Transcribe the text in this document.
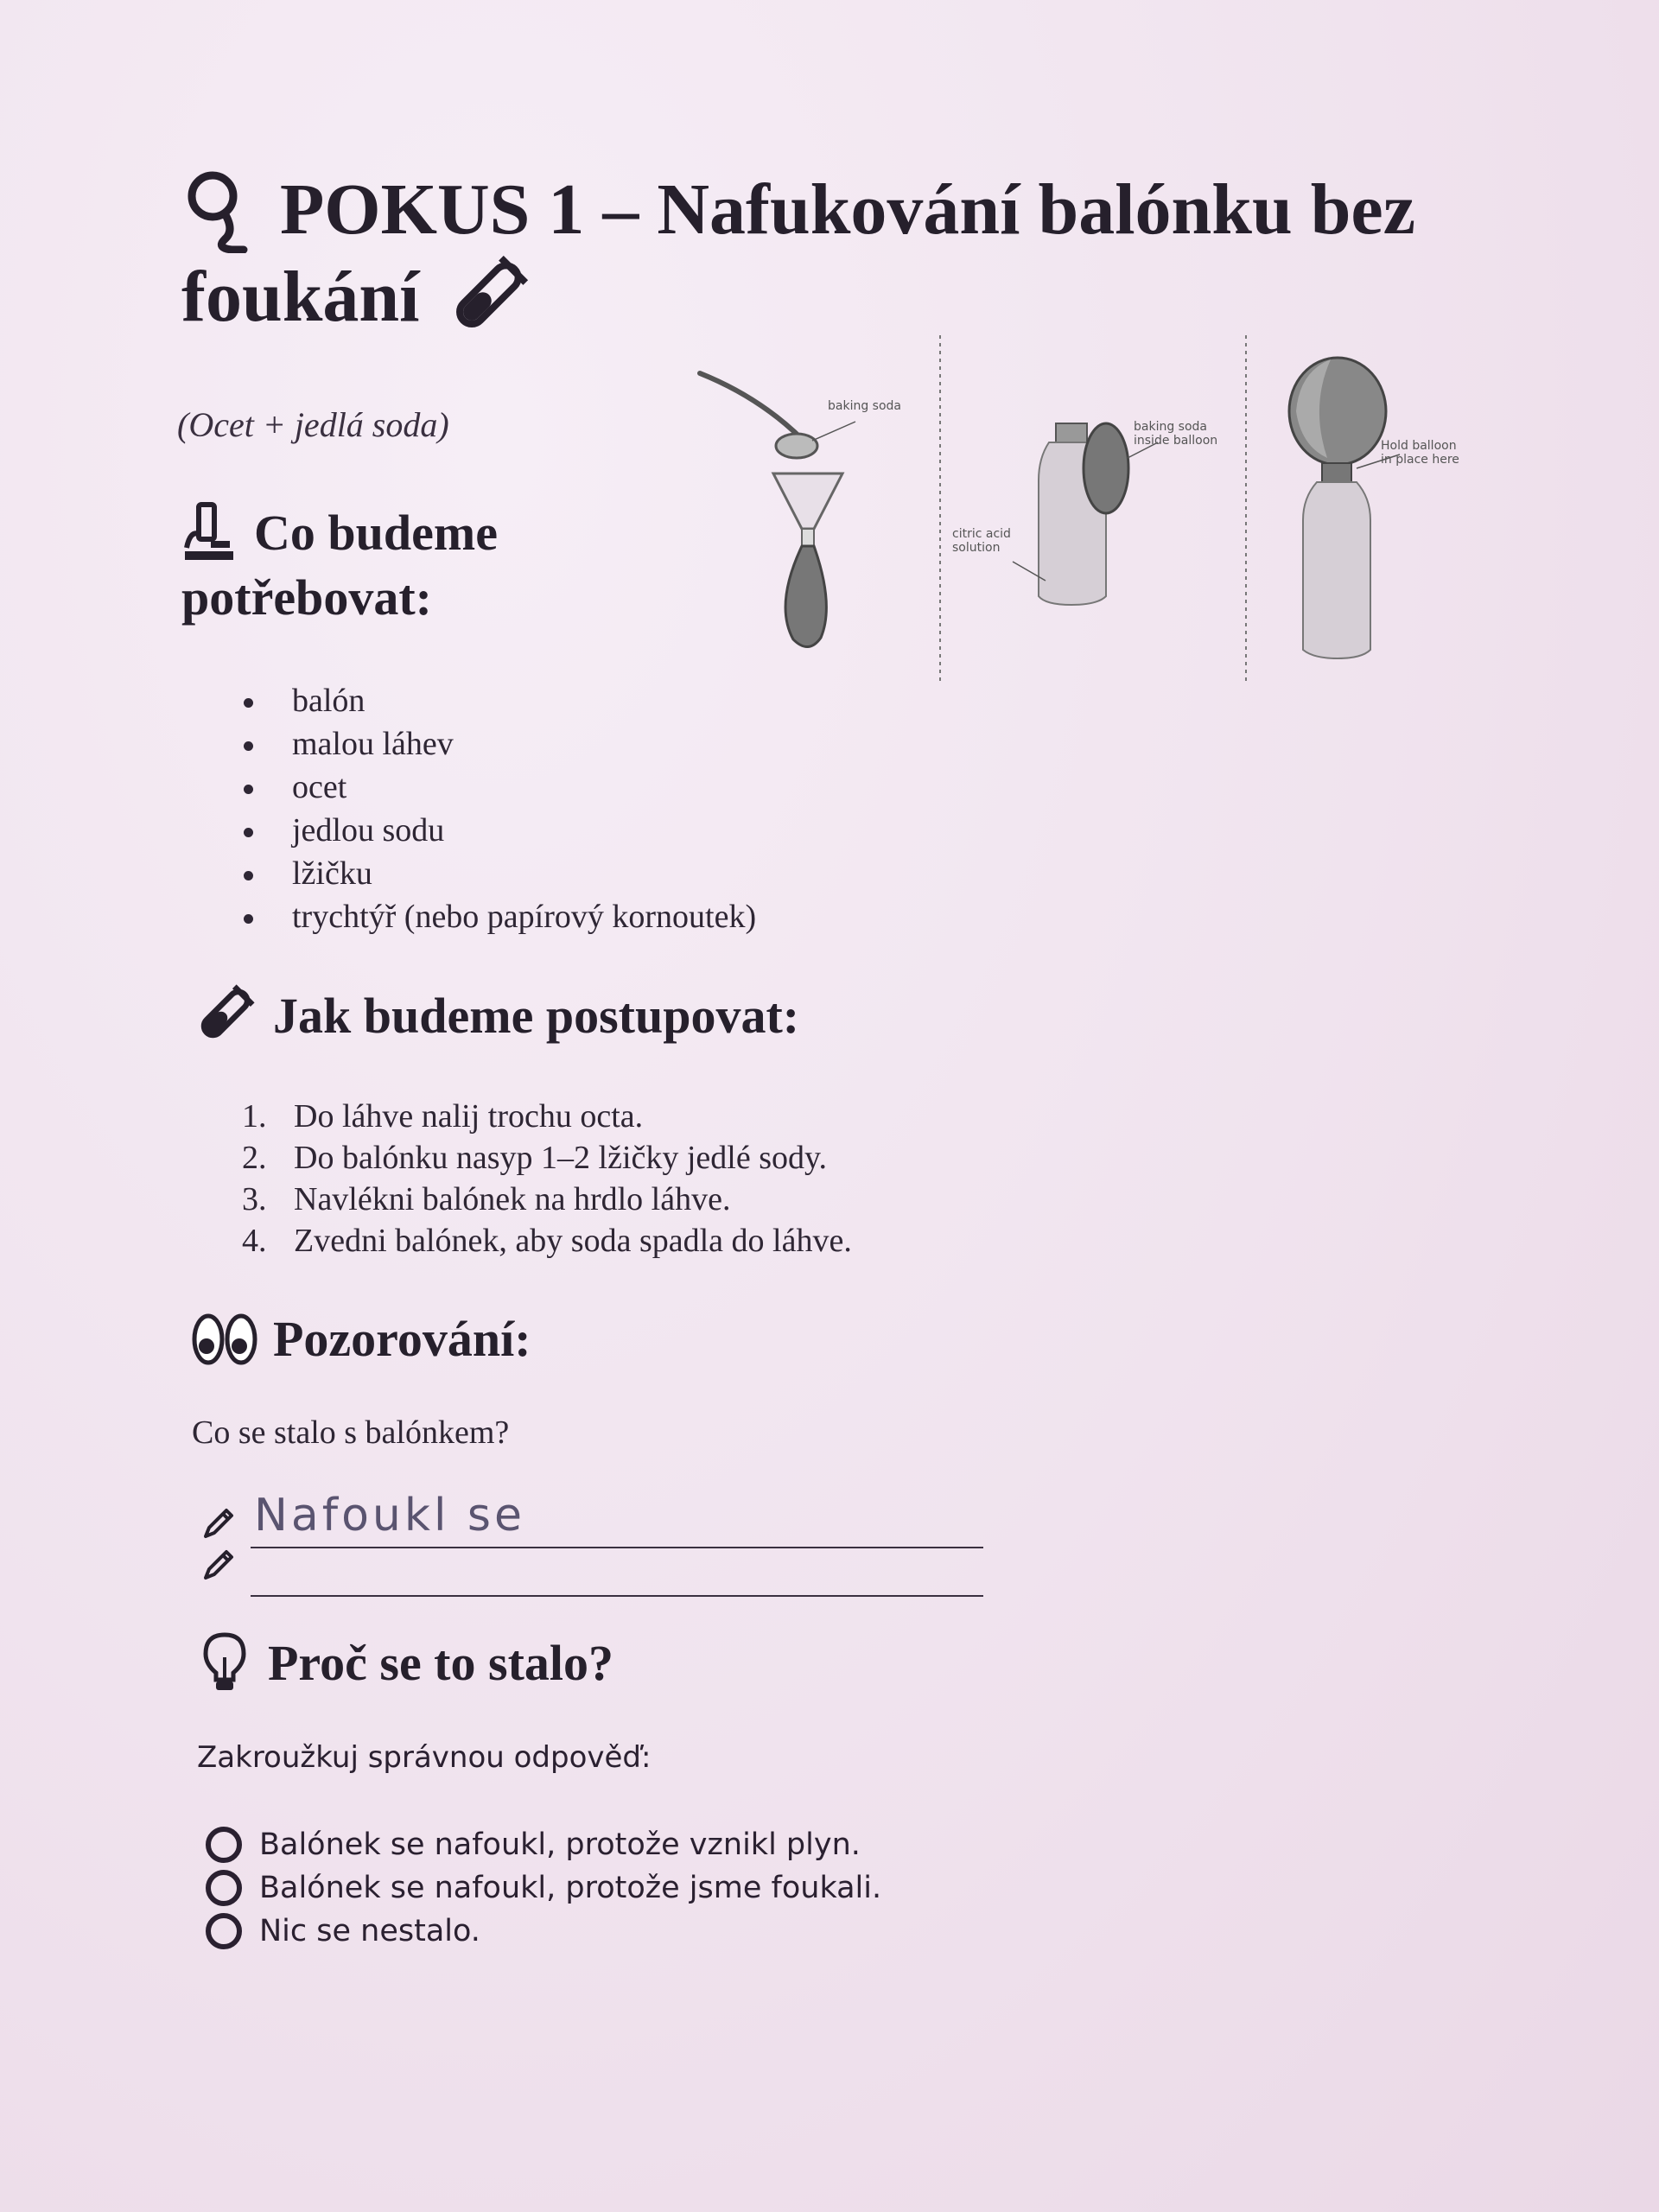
POKUS 1 – Nafukování balónku bez
foukání
(Ocet + jedlá soda)	baking soda
baking soda
inside balloon
citric acid
solution
Hold balloon
in place here
Co budeme
potřebovat:
balón
malou láhev
ocet
jedlou sodu
lžičku
trychtýř (nebo papírový kornoutek)
Jak budeme postupovat:
Do láhve nalij trochu octa.
Do balónku nasyp 1–2 lžičky jedlé sody.
Navlékni balónek na hrdlo láhve.
Zvedni balónek, aby soda spadla do láhve.
Pozorování:
Co se stalo s balónkem?
Nafoukl se
Proč se to stalo?
Zakroužkuj správnou odpověď:
Balónek se nafoukl, protože vznikl plyn.
Balónek se nafoukl, protože jsme foukali.
Nic se nestalo.
